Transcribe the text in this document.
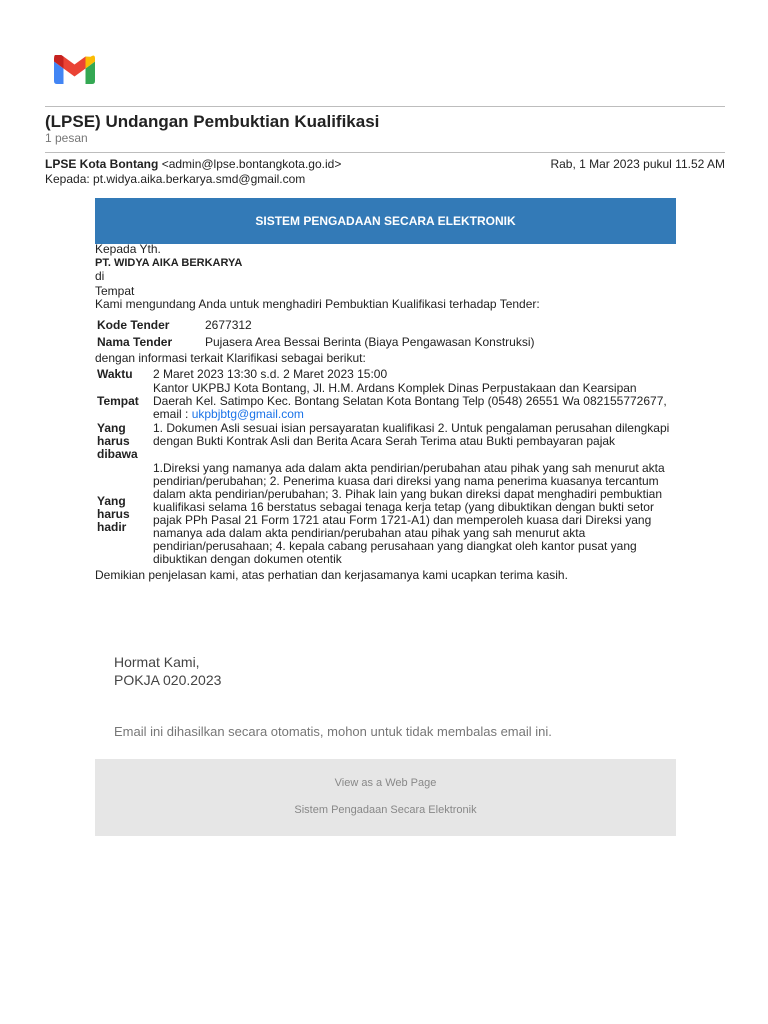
(LPSE) Undangan Pembuktian Kualifikasi
1 pesan
LPSE Kota Bontang <admin@lpse.bontangkota.go.id>	Rab, 1 Mar 2023 pukul 11.52 AM
Kepada: pt.widya.aika.berkarya.smd@gmail.com
SISTEM PENGADAAN SECARA ELEKTRONIK

Kepada Yth.

PT. WIDYA AIKA BERKARYA

di

Tempat

Kami mengundang Anda untuk menghadiri Pembuktian Kualifikasi terhadap Tender:

Kode Tender	2677312
Nama Tender	Pujasera Area Bessai Berinta (Biaya Pengawasan Konstruksi)

dengan informasi terkait Klarifikasi sebagai berikut:

Waktu	2 Maret 2023 13:30 s.d. 2 Maret 2023 15:00
Tempat	Kantor UKPBJ Kota Bontang, Jl. H.M. Ardans Komplek Dinas Perpustakaan dan Kearsipan Daerah Kel. Satimpo Kec. Bontang Selatan Kota Bontang Telp (0548) 26551 Wa 082155772677, email : ukpbjbtg@gmail.com
Yang harus dibawa	1. Dokumen Asli sesuai isian persayaratan kualifikasi 2. Untuk pengalaman perusahan dilengkapi dengan Bukti Kontrak Asli dan Berita Acara Serah Terima atau Bukti pembayaran pajak
Yang harus hadir	1.Direksi yang namanya ada dalam akta pendirian/perubahan atau pihak yang sah menurut akta pendirian/perubahan; 2. Penerima kuasa dari direksi yang nama penerima kuasanya tercantum dalam akta pendirian/perubahan; 3. Pihak lain yang bukan direksi dapat menghadiri pembuktian kualifikasi selama 16 berstatus sebagai tenaga kerja tetap (yang dibuktikan dengan bukti setor pajak PPh Pasal 21 Form 1721 atau Form 1721-A1) dan memperoleh kuasa dari Direksi yang namanya ada dalam akta pendirian/perubahan atau pihak yang sah menurut akta pendirian/perusahaan; 4. kepala cabang perusahaan yang diangkat oleh kantor pusat yang dibuktikan dengan dokumen otentik

Demikian penjelasan kami, atas perhatian dan kerjasamanya kami ucapkan terima kasih.

Hormat Kami,
POKJA 020.2023
Email ini dihasilkan secara otomatis, mohon untuk tidak membalas email ini.
View as a Web Page
Sistem Pengadaan Secara Elektronik
